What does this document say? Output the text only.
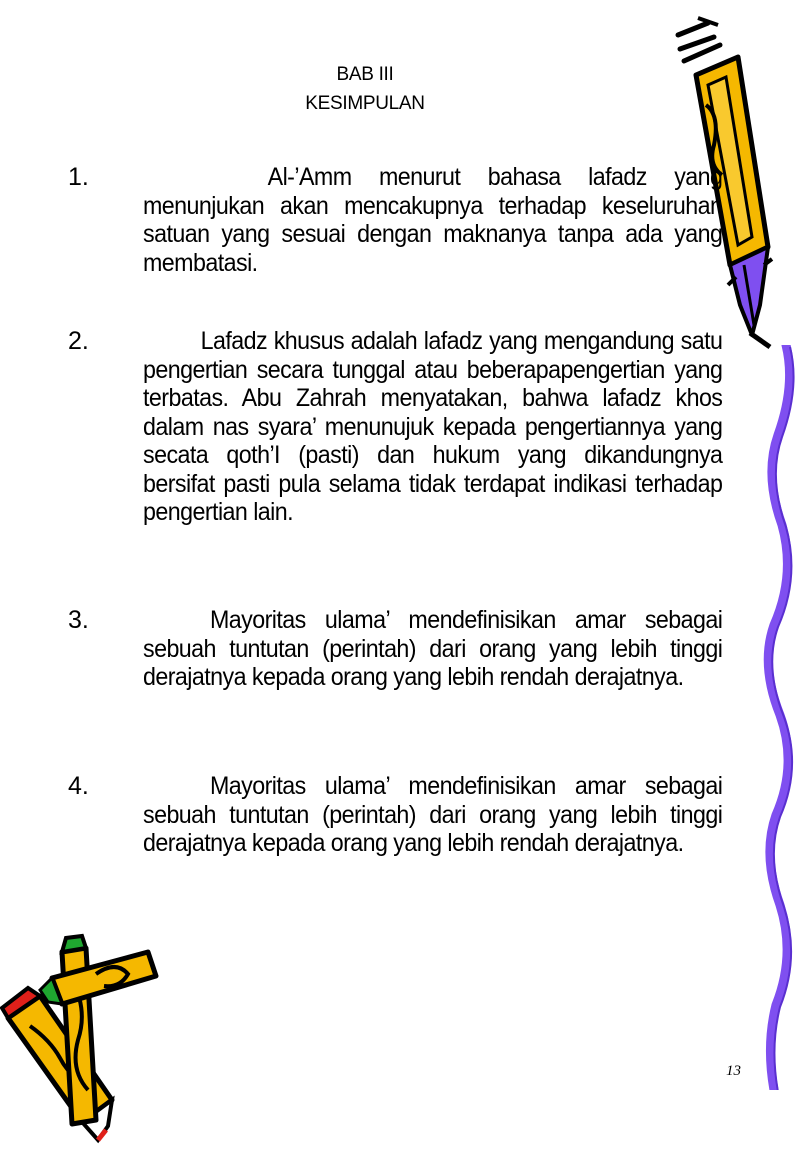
BAB III
KESIMPULAN
1.	Al-’Amm menurut bahasa lafadz yang menunjukan akan mencakupnya terhadap keseluruhan satuan yang sesuai dengan maknanya tanpa ada yang membatasi.
2.	Lafadz khusus adalah lafadz yang mengandung satu pengertian secara tunggal atau beberapapengertian yang terbatas. Abu Zahrah menyatakan, bahwa lafadz khos dalam nas syara’ menunujuk kepada pengertiannya yang secata qoth’I (pasti) dan hukum yang dikandungnya bersifat pasti pula selama tidak terdapat indikasi terhadap pengertian lain.
3.	Mayoritas ulama’ mendefinisikan amar sebagai sebuah tuntutan (perintah) dari orang yang lebih tinggi derajatnya kepada orang yang lebih rendah derajatnya.
4.	Mayoritas ulama’ mendefinisikan amar sebagai sebuah tuntutan (perintah) dari orang yang lebih tinggi derajatnya kepada orang yang lebih rendah derajatnya.
13
